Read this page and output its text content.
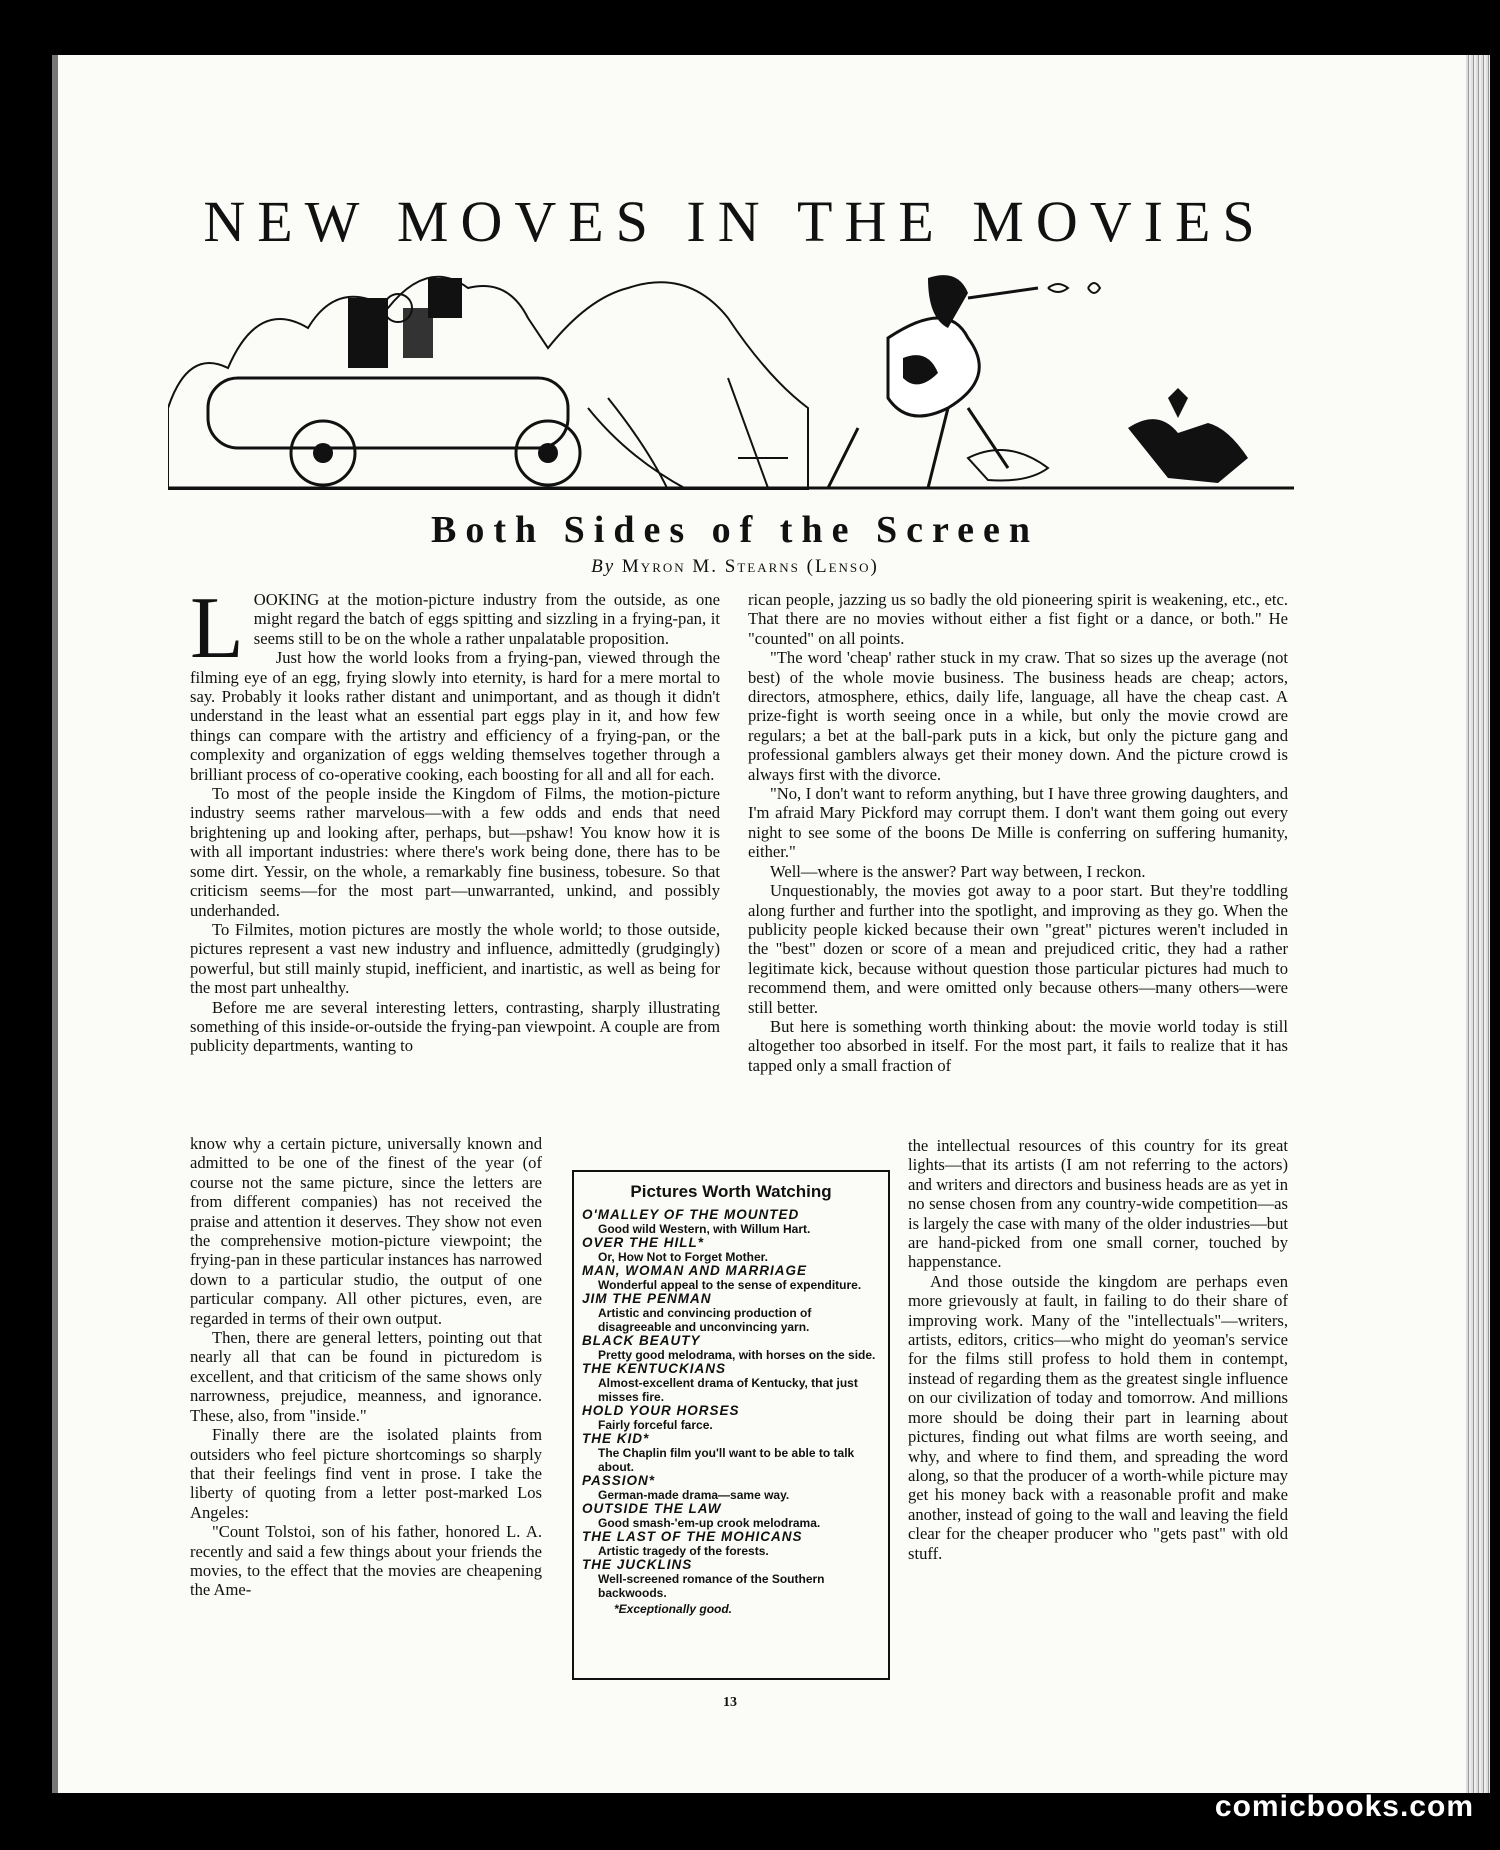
NEW MOVES IN THE MOVIES
Both Sides of the Screen
By Myron M. Stearns (Lenso)

LOOKING at the motion-picture industry from the outside, as one might regard the batch of eggs spitting and sizzling in a frying-pan, it seems still to be on the whole a rather unpalatable proposition.

Just how the world looks from a frying-pan, viewed through the filming eye of an egg, frying slowly into eternity, is hard for a mere mortal to say. Probably it looks rather distant and unimportant, and as though it didn't understand in the least what an essential part eggs play in it, and how few things can compare with the artistry and efficiency of a frying-pan, or the complexity and organization of eggs welding themselves together through a brilliant process of co-operative cooking, each boosting for all and all for each.

To most of the people inside the Kingdom of Films, the motion-picture industry seems rather marvelous—with a few odds and ends that need brightening up and looking after, perhaps, but—pshaw! You know how it is with all important industries: where there's work being done, there has to be some dirt. Yessir, on the whole, a remarkably fine business, tobesure. So that criticism seems—for the most part—unwarranted, unkind, and possibly underhanded.

To Filmites, motion pictures are mostly the whole world; to those outside, pictures represent a vast new industry and influence, admittedly (grudgingly) powerful, but still mainly stupid, inefficient, and inartistic, as well as being for the most part unhealthy.

Before me are several interesting letters, contrasting, sharply illustrating something of this inside-or-outside the frying-pan viewpoint. A couple are from publicity departments, wanting to

know why a certain picture, universally known and admitted to be one of the finest of the year (of course not the same picture, since the letters are from different companies) has not received the praise and attention it deserves. They show not even the comprehensive motion-picture viewpoint; the frying-pan in these particular instances has narrowed down to a particular studio, the output of one particular company. All other pictures, even, are regarded in terms of their own output.

Then, there are general letters, pointing out that nearly all that can be found in picturedom is excellent, and that criticism of the same shows only narrowness, prejudice, meanness, and ignorance. These, also, from "inside."

Finally there are the isolated plaints from outsiders who feel picture shortcomings so sharply that their feelings find vent in prose. I take the liberty of quoting from a letter post-marked Los Angeles:

"Count Tolstoi, son of his father, honored L. A. recently and said a few things about your friends the movies, to the effect that the movies are cheapening the Ame-

rican people, jazzing us so badly the old pioneering spirit is weakening, etc., etc. That there are no movies without either a fist fight or a dance, or both." He "counted" on all points.

"The word 'cheap' rather stuck in my craw. That so sizes up the average (not best) of the whole movie business. The business heads are cheap; actors, directors, atmosphere, ethics, daily life, language, all have the cheap cast. A prize-fight is worth seeing once in a while, but only the movie crowd are regulars; a bet at the ball-park puts in a kick, but only the picture gang and professional gamblers always get their money down. And the picture crowd is always first with the divorce.

"No, I don't want to reform anything, but I have three growing daughters, and I'm afraid Mary Pickford may corrupt them. I don't want them going out every night to see some of the boons De Mille is conferring on suffering humanity, either."

Well—where is the answer? Part way between, I reckon.

Unquestionably, the movies got away to a poor start. But they're toddling along further and further into the spotlight, and improving as they go. When the publicity people kicked because their own "great" pictures weren't included in the "best" dozen or score of a mean and prejudiced critic, they had a rather legitimate kick, because without question those particular pictures had much to recommend them, and were omitted only because others—many others—were still better.

But here is something worth thinking about: the movie world today is still altogether too absorbed in itself. For the most part, it fails to realize that it has tapped only a small fraction of

the intellectual resources of this country for its great lights—that its artists (I am not referring to the actors) and writers and directors and business heads are as yet in no sense chosen from any country-wide competition—as is largely the case with many of the older industries—but are hand-picked from one small corner, touched by happenstance.

And those outside the kingdom are perhaps even more grievously at fault, in failing to do their share of improving work. Many of the "intellectuals"—writers, artists, editors, critics—who might do yeoman's service for the films still profess to hold them in contempt, instead of regarding them as the greatest single influence on our civilization of today and tomorrow. And millions more should be doing their part in learning about pictures, finding out what films are worth seeing, and why, and where to find them, and spreading the word along, so that the producer of a worth-while picture may get his money back with a reasonable profit and make another, instead of going to the wall and leaving the field clear for the cheaper producer who "gets past" with old stuff.

Pictures Worth Watching
O'MALLEY OF THE MOUNTED
Good wild Western, with Willum Hart.
OVER THE HILL*
Or, How Not to Forget Mother.
MAN, WOMAN AND MARRIAGE
Wonderful appeal to the sense of expenditure.
JIM THE PENMAN
Artistic and convincing production of disagreeable and unconvincing yarn.
BLACK BEAUTY
Pretty good melodrama, with horses on the side.
THE KENTUCKIANS
Almost-excellent drama of Kentucky, that just misses fire.
HOLD YOUR HORSES
Fairly forceful farce.
THE KID*
The Chaplin film you'll want to be able to talk about.
PASSION*
German-made drama—same way.
OUTSIDE THE LAW
Good smash-'em-up crook melodrama.
THE LAST OF THE MOHICANS
Artistic tragedy of the forests.
THE JUCKLINS
Well-screened romance of the Southern backwoods.
*Exceptionally good.
13
comicbooks.com
